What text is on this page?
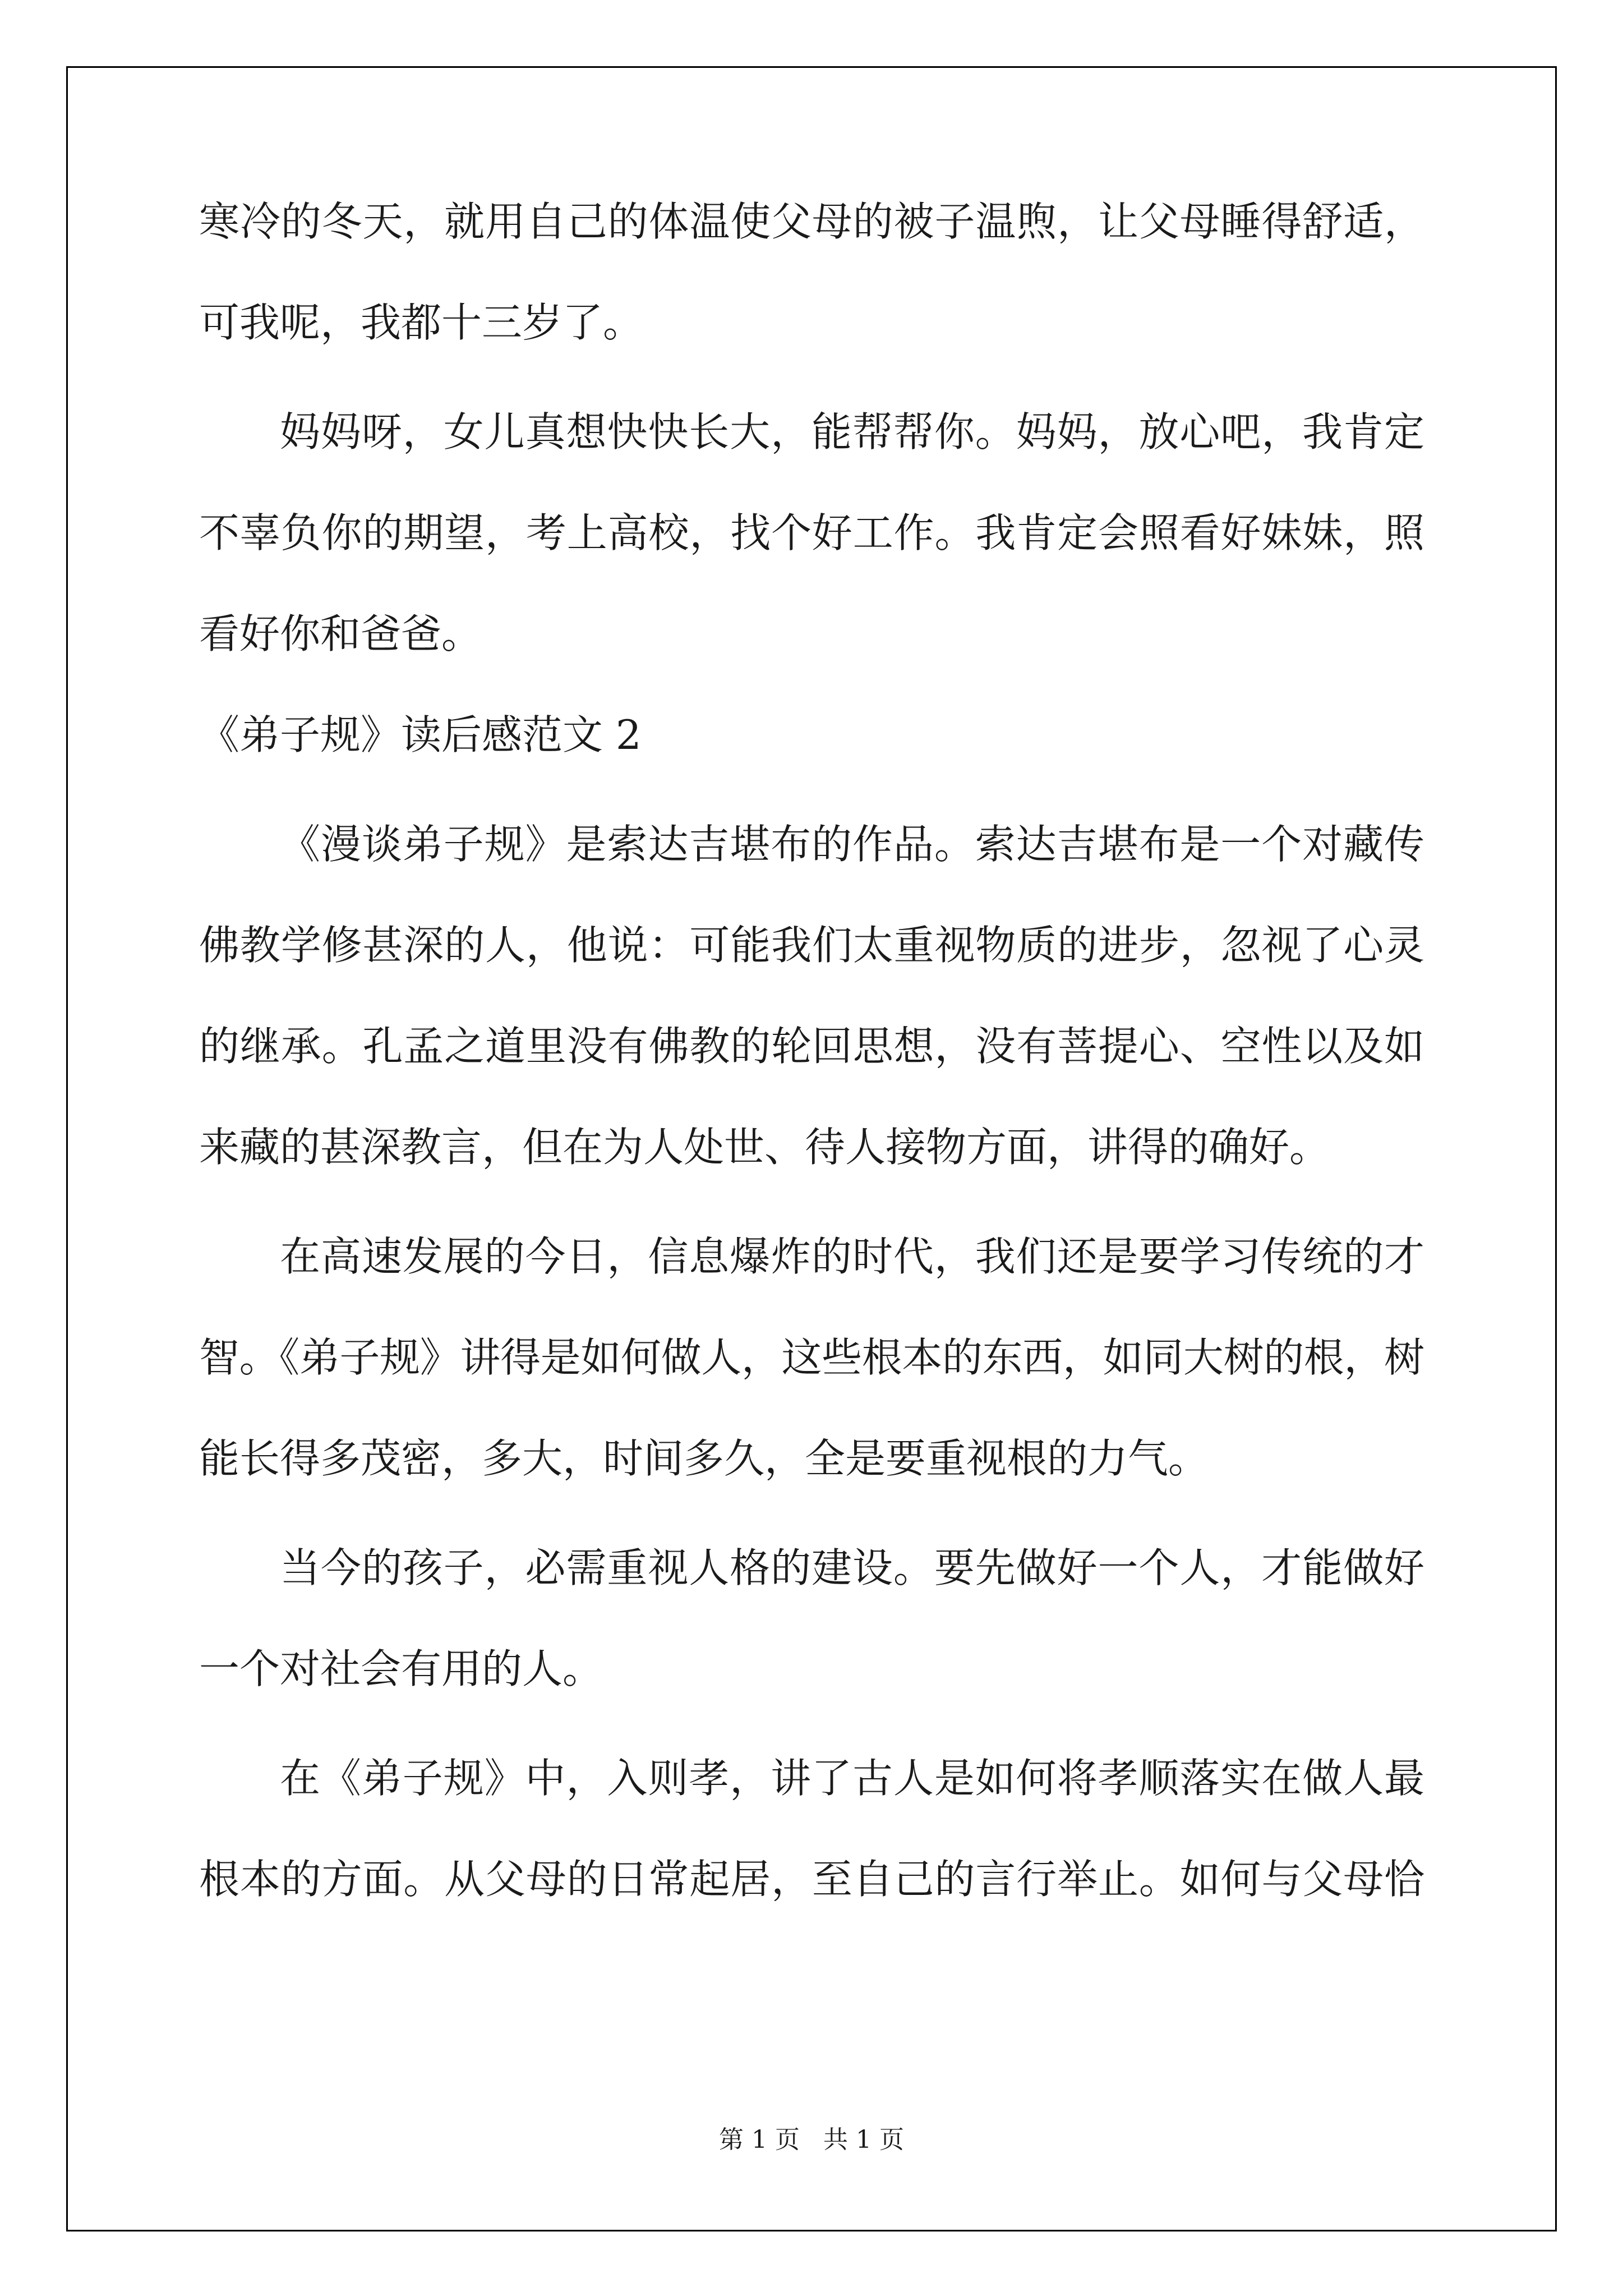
寒冷的冬天，就用自己的体温使父母的被子温煦，让父母睡得舒适，
可我呢，我都十三岁了。
妈妈呀，女儿真想快快长大，能帮帮你。妈妈，放心吧，我肯定
不辜负你的期望，考上高校，找个好工作。我肯定会照看好妹妹，照
看好你和爸爸。
《弟子规》读后感范文 2
《漫谈弟子规》是索达吉堪布的作品。索达吉堪布是一个对藏传
佛教学修甚深的人，他说：可能我们太重视物质的进步，忽视了心灵
的继承。孔孟之道里没有佛教的轮回思想，没有菩提心、空性以及如
来藏的甚深教言，但在为人处世、待人接物方面，讲得的确好。
在高速发展的今日，信息爆炸的时代，我们还是要学习传统的才
智。《弟子规》讲得是如何做人，这些根本的东西，如同大树的根，树
能长得多茂密，多大，时间多久，全是要重视根的力气。
当今的孩子，必需重视人格的建设。要先做好一个人，才能做好
一个对社会有用的人。
在《弟子规》中，入则孝，讲了古人是如何将孝顺落实在做人最
根本的方面。从父母的日常起居，至自己的言行举止。如何与父母恰
第 1 页 共 1 页
